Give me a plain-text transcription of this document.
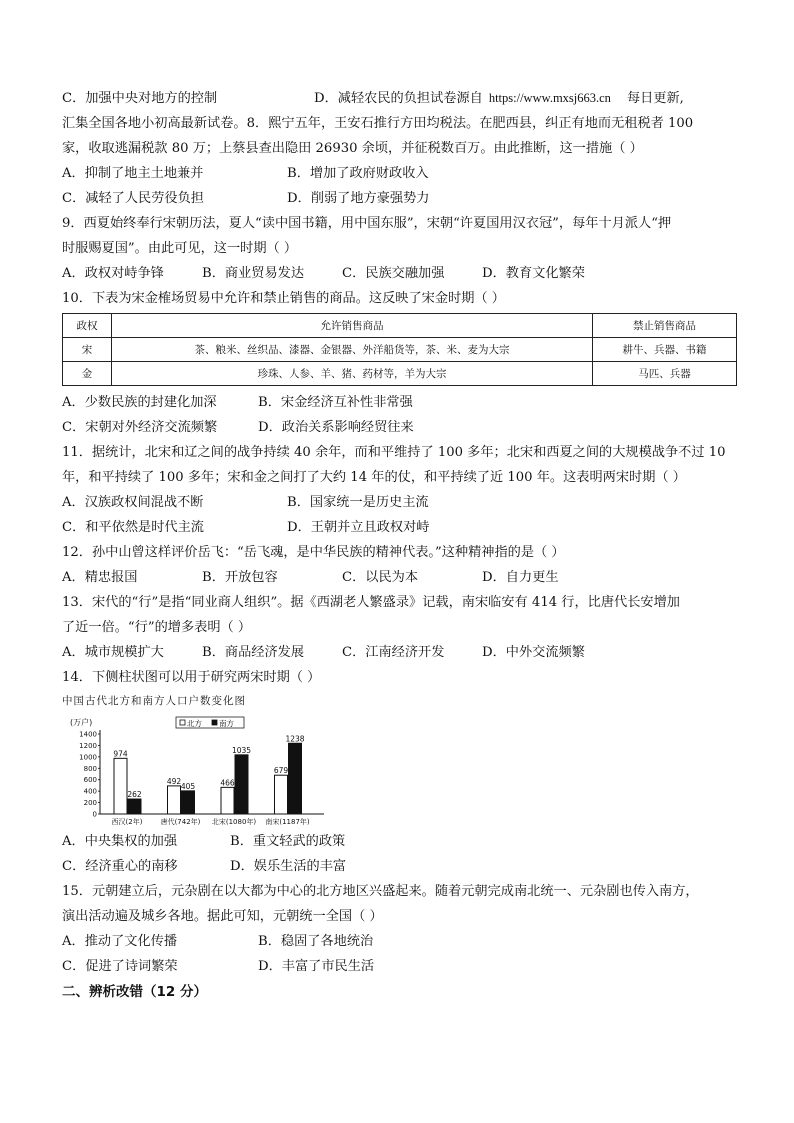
C．加强中央对地方的控制	D．减轻农民的负担试卷源自 https://www.mxsj663.cn 每日更新,
汇集全国各地小初高最新试卷。8．熙宁五年，王安石推行方田均税法。在肥西县，纠正有地而无租税者 100
家，收取逃漏税款 80 万；上蔡县查出隐田 26930 余顷，并征税数百万。由此推断，这一措施（ ）
A．抑制了地主土地兼并	B．增加了政府财政收入
C．减轻了人民劳役负担	D．削弱了地方豪强势力
9．西夏始终奉行宋朝历法，夏人“读中国书籍，用中国东服”，宋朝“许夏国用汉衣冠”，每年十月派人“押
时服赐夏国”。由此可见，这一时期（ ）
A．政权对峙争锋	B．商业贸易发达	C．民族交融加强	D．教育文化繁荣
10．下表为宋金榷场贸易中允许和禁止销售的商品。这反映了宋金时期（ ）
政权	允许销售商品	禁止销售商品
宋	茶、粮米、丝织品、漆器、金银器、外洋船货等，茶、米、麦为大宗	耕牛、兵器、书籍
金	珍珠、人参、羊、猪、药材等，羊为大宗	马匹、兵器
A．少数民族的封建化加深	B．宋金经济互补性非常强
C．宋朝对外经济交流频繁	D．政治关系影响经贸往来
11．据统计，北宋和辽之间的战争持续 40 余年，而和平维持了 100 多年；北宋和西夏之间的大规模战争不过 10
年，和平持续了 100 多年；宋和金之间打了大约 14 年的仗，和平持续了近 100 年。这表明两宋时期（ ）
A．汉族政权间混战不断	B．国家统一是历史主流
C．和平依然是时代主流	D．王朝并立且政权对峙
12．孙中山曾这样评价岳飞：“岳飞魂，是中华民族的精神代表。”这种精神指的是（ ）
A．精忠报国	B．开放包容	C．以民为本	D．自力更生
13．宋代的“行”是指“同业商人组织”。据《西湖老人繁盛录》记载，南宋临安有 414 行，比唐代长安增加
了近一倍。“行”的增多表明（ ）
A．城市规模扩大	B．商品经济发展	C．江南经济开发	D．中外交流频繁
14．下侧柱状图可以用于研究两宋时期（ ）
中国古代北方和南方人口户数变化图
(万户)	北方 南方
0
200
400
600
800
1000
1200
1400
974
262
西汉(2年)
492
405
唐代(742年)
466
1035
北宋(1080年)
679
1238
南宋(1187年)
A．中央集权的加强	B．重文轻武的政策
C．经济重心的南移	D．娱乐生活的丰富
15．元朝建立后，元杂剧在以大都为中心的北方地区兴盛起来。随着元朝完成南北统一、元杂剧也传入南方，
演出活动遍及城乡各地。据此可知，元朝统一全国（ ）
A．推动了文化传播	B．稳固了各地统治
C．促进了诗词繁荣	D．丰富了市民生活
二、辨析改错（12 分）
